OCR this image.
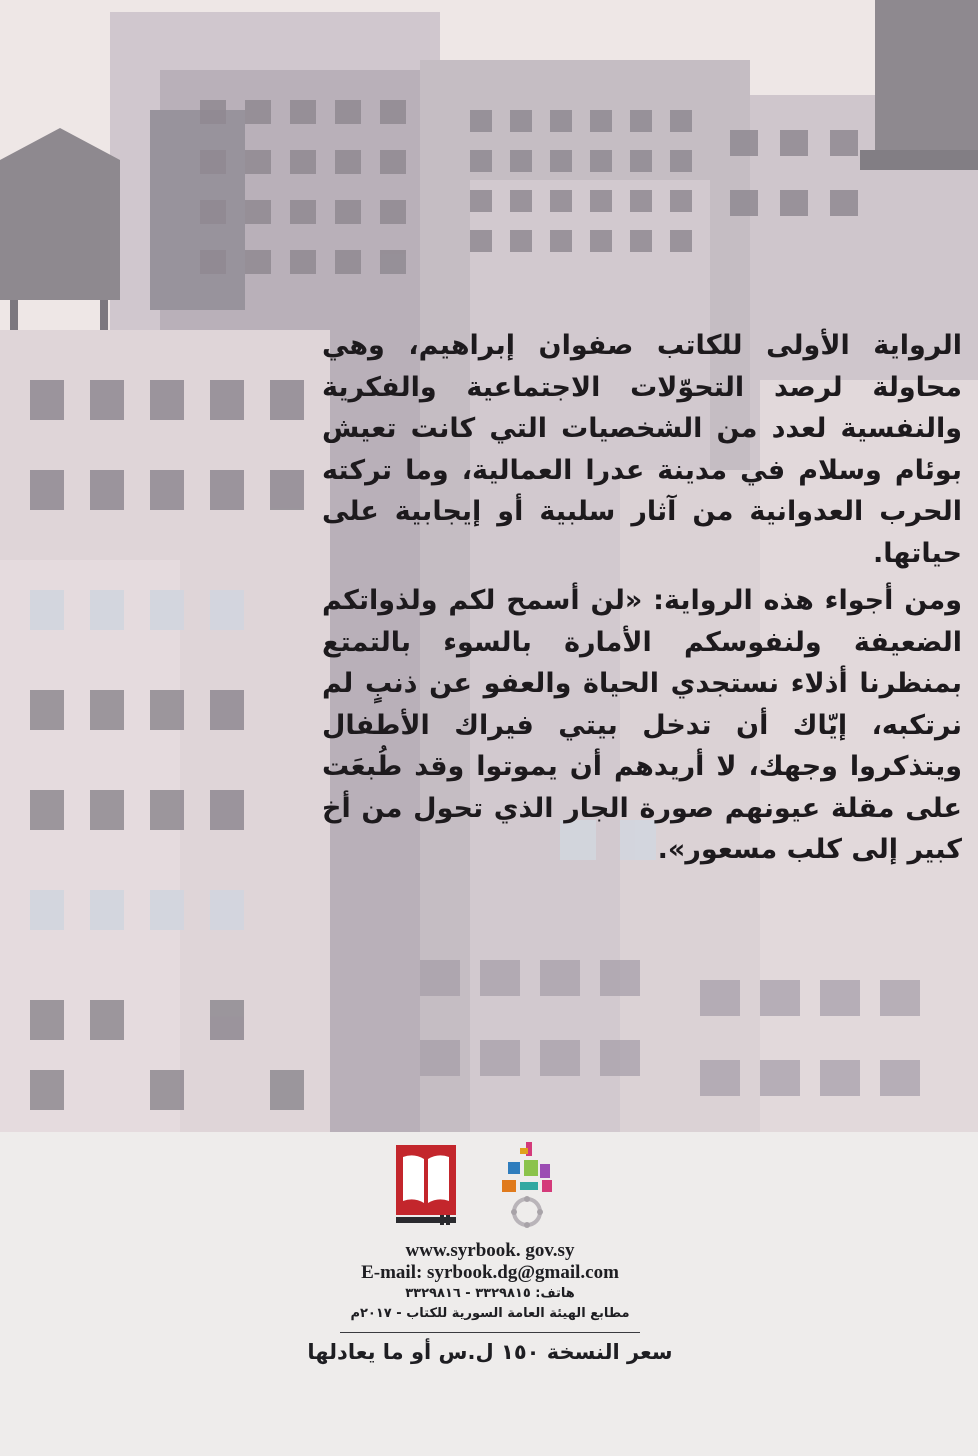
الرواية الأولى للكاتب صفوان إبراهيم، وهي محاولة لرصد التحوّلات الاجتماعية والفكرية والنفسية لعدد من الشخصيات التي كانت تعيش بوئام وسلام في مدينة عدرا العمالية، وما تركته الحرب العدوانية من آثار سلبية أو إيجابية على حياتها.

ومن أجواء هذه الرواية: «لن أسمح لكم ولذواتكم الضعيفة ولنفوسكم الأمارة بالسوء بالتمتع بمنظرنا أذلاء نستجدي الحياة والعفو عن ذنبٍ لم نرتكبه، إيّاك أن تدخل بيتي فيراك الأطفال ويتذكروا وجهك، لا أريدهم أن يموتوا وقد طُبعَت على مقلة عيونهم صورة الجار الذي تحول من أخ كبير إلى كلب مسعور».

www.syrbook. gov.sy
E-mail: syrbook.dg@gmail.com
هاتف: ٣٣٢٩٨١٥ - ٣٣٢٩٨١٦
مطابع الهيئة العامة السورية للكتاب - ٢٠١٧م
سعر النسخة ١٥٠ ل.س أو ما يعادلها
